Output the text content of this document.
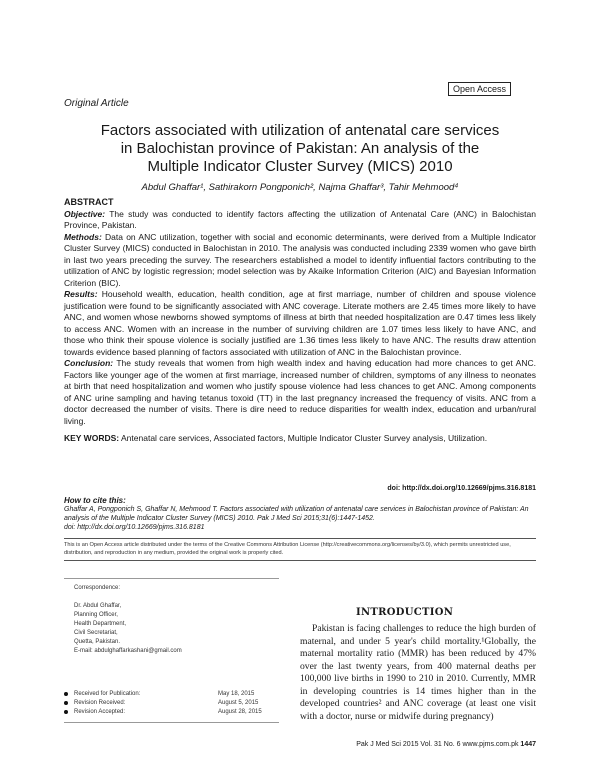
Open Access
Original Article
Factors associated with utilization of antenatal care services
in Balochistan province of Pakistan: An analysis of the
Multiple Indicator Cluster Survey (MICS) 2010
Abdul Ghaffar¹, Sathirakorn Pongponich², Najma Ghaffar³, Tahir Mehmood⁴

ABSTRACT

Objective: The study was conducted to identify factors affecting the utilization of Antenatal Care (ANC) in Balochistan Province, Pakistan.

Methods: Data on ANC utilization, together with social and economic determinants, were derived from a Multiple Indicator Cluster Survey (MICS) conducted in Balochistan in 2010. The analysis was conducted including 2339 women who gave birth in last two years preceding the survey. The researchers established a model to identify influential factors contributing to the utilization of ANC by logistic regression; model selection was by Akaike Information Criterion (AIC) and Bayesian Information Criterion (BIC).

Results: Household wealth, education, health condition, age at first marriage, number of children and spouse violence justification were found to be significantly associated with ANC coverage. Literate mothers are 2.45 times more likely to have ANC, and women whose newborns showed symptoms of illness at birth that needed hospitalization are 0.47 times less likely to access ANC. Women with an increase in the number of surviving children are 1.07 times less likely to have ANC, and those who think their spouse violence is socially justified are 1.36 times less likely to have ANC. The results draw attention towards evidence based planning of factors associated with utilization of ANC in the Balochistan province.

Conclusion: The study reveals that women from high wealth index and having education had more chances to get ANC. Factors like younger age of the women at first marriage, increased number of children, symptoms of any illness to neonates at birth that need hospitalization and women who justify spouse violence had less chances to get ANC. Among components of ANC urine sampling and having tetanus toxoid (TT) in the last pregnancy increased the frequency of visits. ANC from a doctor decreased the number of visits. There is dire need to reduce disparities for wealth index, education and urban/rural living.

KEY WORDS: Antenatal care services, Associated factors, Multiple Indicator Cluster Survey analysis, Utilization.

doi: http://dx.doi.org/10.12669/pjms.316.8181
How to cite this:
Ghaffar A, Pongponich S, Ghaffar N, Mehmood T. Factors associated with utilization of antenatal care services in Balochistan province of Pakistan: An analysis of the Multiple Indicator Cluster Survey (MICS) 2010. Pak J Med Sci 2015;31(6):1447-1452.
doi: http://dx.doi.org/10.12669/pjms.316.8181
This is an Open Access article distributed under the terms of the Creative Commons Attribution License (http://creativecommons.org/licenses/by/3.0), which permits unrestricted use, distribution, and reproduction in any medium, provided the original work is properly cited.
Correspondence:
Dr. Abdul Ghaffar,
Planning Officer,
Health Department,
Civil Secretariat,
Quetta, Pakistan.
E-mail: abdulghaffarkashani@gmail.com
Received for Publication:	May 18, 2015
Revision Received:	August 5, 2015
Revision Accepted:	August 28, 2015
INTRODUCTION

Pakistan is facing challenges to reduce the high burden of maternal, and under 5 year's child mortality.¹Globally, the maternal mortality ratio (MMR) has been reduced by 47% over the last twenty years, from 400 maternal deaths per 100,000 live births in 1990 to 210 in 2010. Currently, MMR in developing countries is 14 times higher than in the developed countries² and ANC coverage (at least one visit with a doctor, nurse or midwife during pregnancy)

Pak J Med Sci 2015 Vol. 31 No. 6 www.pjms.com.pk 1447
